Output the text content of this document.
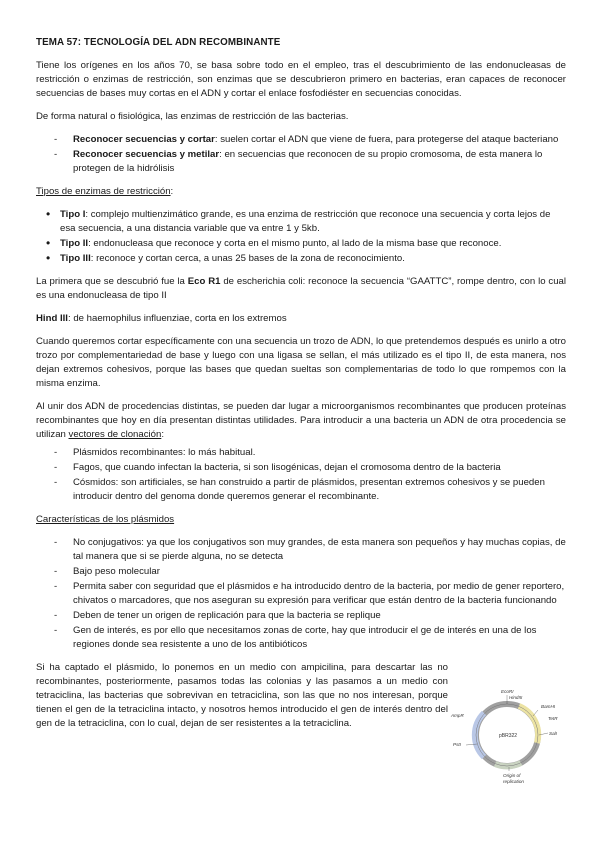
TEMA 57: TECNOLOGÍA DEL ADN RECOMBINANTE

Tiene los orígenes en los años 70, se basa sobre todo en el empleo, tras el descubrimiento de las endonucleasas de restricción o enzimas de restricción, son enzimas que se descubrieron primero en bacterias, eran capaces de reconocer secuencias de bases muy cortas en el ADN y cortar el enlace fosfodiéster en secuencias conocidas.

De forma natural o fisiológica, las enzimas de restricción de las bacterias.

- Reconocer secuencias y cortar: suelen cortar el ADN que viene de fuera, para protegerse del ataque bacteriano
- Reconocer secuencias y metilar: en secuencias que reconocen de su propio cromosoma, de esta manera lo protegen de la hidrólisis

Tipos de enzimas de restricción:

• Tipo I: complejo multienzimático grande, es una enzima de restricción que reconoce una secuencia y corta lejos de esa secuencia, a una distancia variable que va entre 1 y 5kb.
• Tipo II: endonucleasa que reconoce y corta en el mismo punto, al lado de la misma base que reconoce.
• Tipo III: reconoce y cortan cerca, a unas 25 bases de la zona de reconocimiento.

La primera que se descubrió fue la Eco R1 de escherichia coli: reconoce la secuencia “GAATTC”, rompe dentro, con lo cual es una endonucleasa de tipo II

Hind III: de haemophilus influenziae, corta en los extremos

Cuando queremos cortar específicamente con una secuencia un trozo de ADN, lo que pretendemos después es unirlo a otro trozo por complementariedad de base y luego con una ligasa se sellan, el más utilizado es el tipo II, de esta manera, nos dejan extremos cohesivos, porque las bases que quedan sueltas son complementarias de todo lo que rompemos con la misma enzima.

Al unir dos ADN de procedencias distintas, se pueden dar lugar a microorganismos recombinantes que producen proteínas recombinantes que hoy en día presentan distintas utilidades. Para introducir a una bacteria un ADN de otra procedencia se utilizan vectores de clonación:

- Plásmidos recombinantes: lo más habitual.
- Fagos, que cuando infectan la bacteria, si son lisogénicas, dejan el cromosoma dentro de la bacteria
- Cósmidos: son artificiales, se han construido a partir de plásmidos, presentan extremos cohesivos y se pueden introducir dentro del genoma donde queremos generar el recombinante.

Características de los plásmidos

- No conjugativos: ya que los conjugativos son muy grandes, de esta manera son pequeños y hay muchas copias, de tal manera que si se pierde alguna, no se detecta
- Bajo peso molecular
- Permita saber con seguridad que el plásmidos e ha introducido dentro de la bacteria, por medio de gener reportero, chivatos o marcadores, que nos aseguran su expresión para verificar que están dentro de la bacteria funcionando
- Deben de tener un origen de replicación para que la bacteria se replique
- Gen de interés, es por ello que necesitamos zonas de corte, hay que introducir el ge de interés en una de los regiones donde sea resistente a uno de los antibióticos

Si ha captado el plásmido, lo ponemos en un medio con ampicilina, para descartar las no recombinantes, posteriormente, pasamos todas las colonias y las pasamos a un medio con tetraciclina, las bacterias que sobrevivan en tetraciclina, son las que no nos interesan, porque tienen el gen de la tetraciclina intacto, y nosotros hemos introducido el gen de interés dentro del gen de la tetraciclina, con lo cual, dejan de ser resistentes a la tetraciclina.

pBR322
EcoRI
HindIII
BamHI
TetR
SalI
AmpR
PstI
Origin of
replication
